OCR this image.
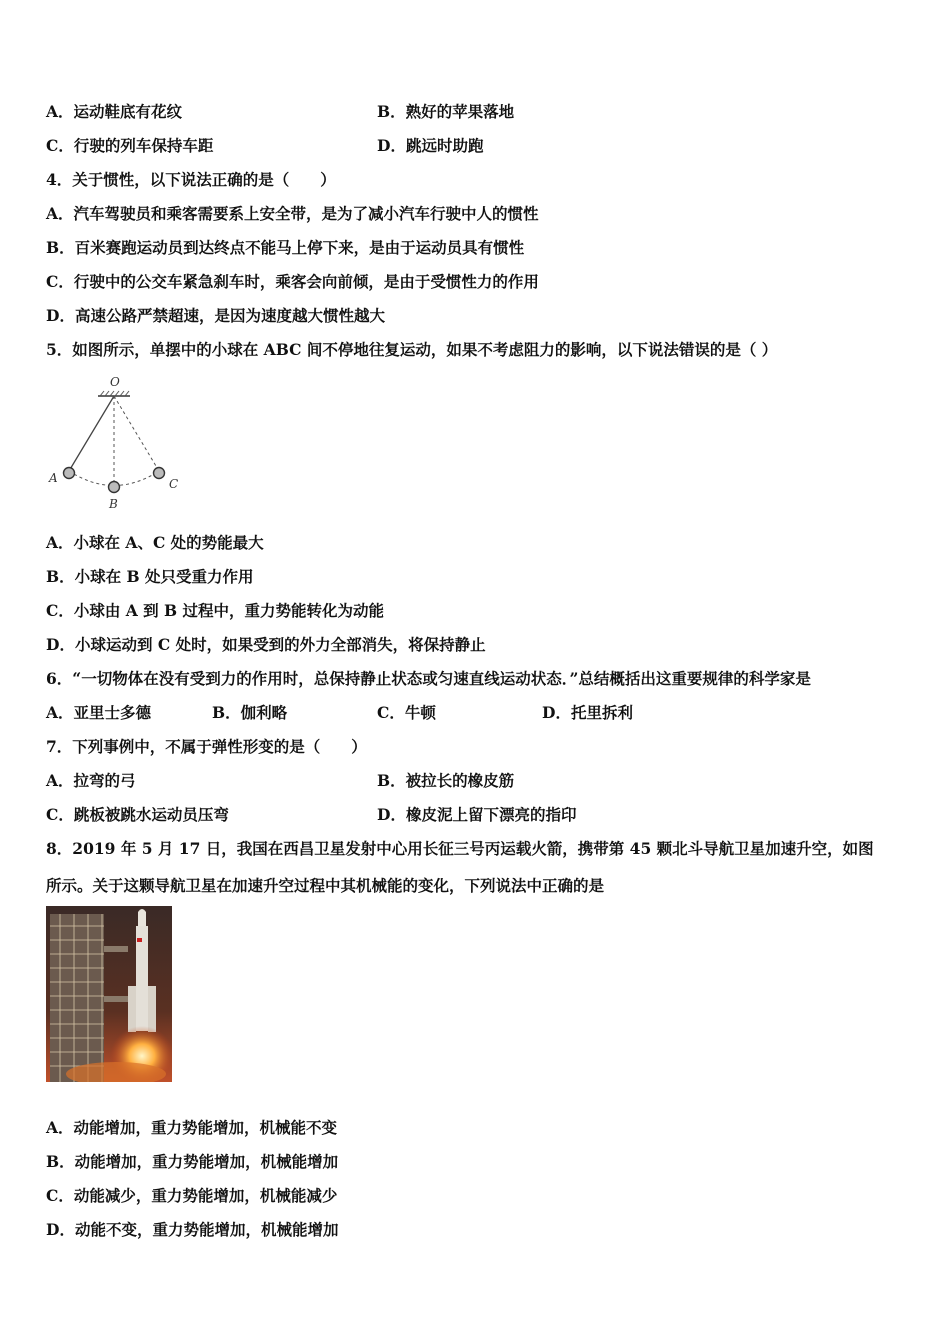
A．运动鞋底有花纹	B．熟好的苹果落地
C．行驶的列车保持车距	D．跳远时助跑
4．关于惯性，以下说法正确的是（　　）
A．汽车驾驶员和乘客需要系上安全带，是为了减小汽车行驶中人的惯性
B．百米赛跑运动员到达终点不能马上停下来，是由于运动员具有惯性
C．行驶中的公交车紧急刹车时，乘客会向前倾，是由于受惯性力的作用
D．高速公路严禁超速，是因为速度越大惯性越大
5．如图所示，单摆中的小球在 ABC 间不停地往复运动，如果不考虑阻力的影响，以下说法错误的是（ ）
O
A
B
C
A．小球在 A、C 处的势能最大
B．小球在 B 处只受重力作用
C．小球由 A 到 B 过程中，重力势能转化为动能
D．小球运动到 C 处时，如果受到的外力全部消失，将保持静止
6．“一切物体在没有受到力的作用时，总保持静止状态或匀速直线运动状态．”总结概括出这重要规律的科学家是
A．亚里士多德	B．伽利略	C．牛顿	D．托里拆利
7．下列事例中，不属于弹性形变的是（　　）
A．拉弯的弓	B．被拉长的橡皮筋
C．跳板被跳水运动员压弯	D．橡皮泥上留下漂亮的指印
8．2019 年 5 月 17 日，我国在西昌卫星发射中心用长征三号丙运载火箭，携带第 45 颗北斗导航卫星加速升空，如图
所示。关于这颗导航卫星在加速升空过程中其机械能的变化，下列说法中正确的是
A．动能增加，重力势能增加，机械能不变
B．动能增加，重力势能增加，机械能增加
C．动能减少，重力势能增加，机械能减少
D．动能不变，重力势能增加，机械能增加
